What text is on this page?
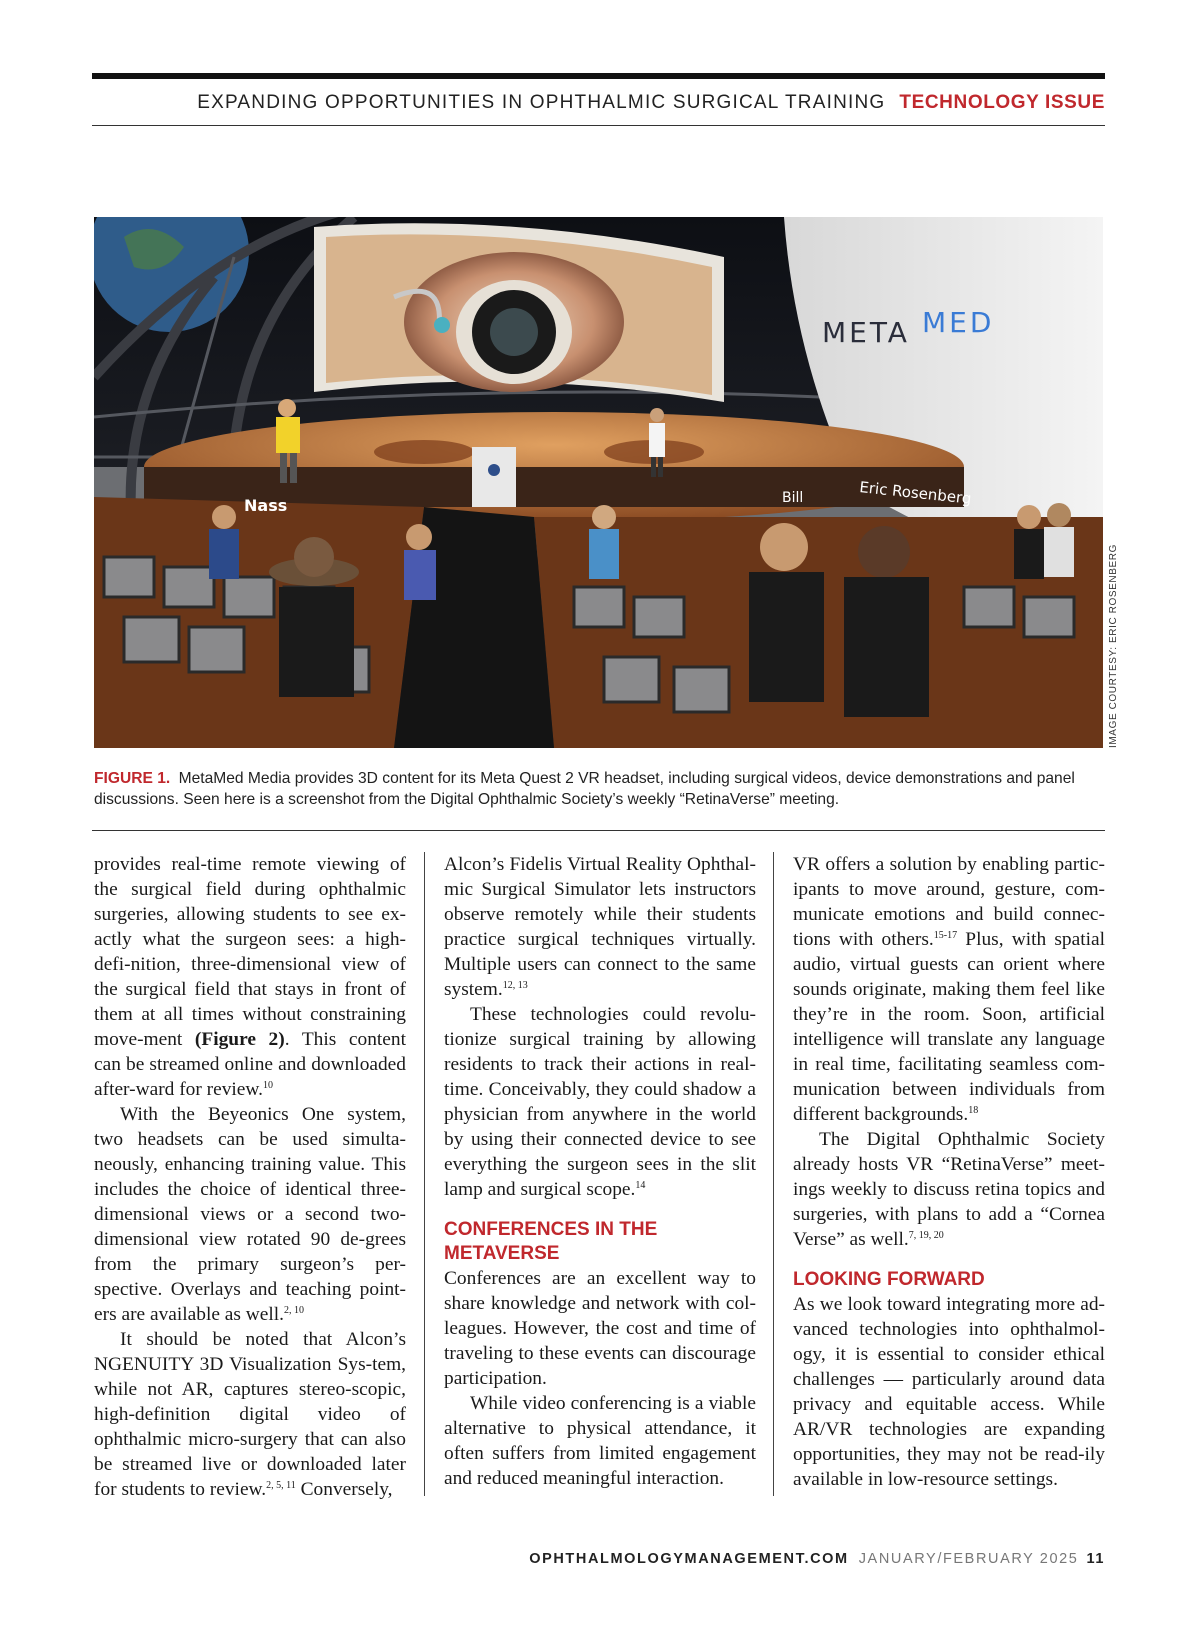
EXPANDING OPPORTUNITIES IN OPHTHALMIC SURGICAL TRAINING TECHNOLOGY ISSUE
META MED
Nass	Eric Rosenberg
Bill
IMAGE COURTESY: ERIC ROSENBERG
FIGURE 1. MetaMed Media provides 3D content for its Meta Quest 2 VR headset, including surgical videos, device demonstrations and panel discussions. Seen here is a screenshot from the Digital Ophthalmic Society’s weekly “RetinaVerse” meeting.

provides real-time remote viewing of the surgical field during ophthalmic surgeries, allowing students to see ex-actly what the surgeon sees: a high-defi-nition, three-dimensional view of the surgical field that stays in front of them at all times without constraining move-ment (Figure 2). This content can be streamed online and downloaded after-ward for review.$^{10}$

With the Beyeonics One system, two headsets can be used simulta-neously, enhancing training value. This includes the choice of identical three-dimensional views or a second two-dimensional view rotated 90 de-grees from the primary surgeon’s per-spective. Overlays and teaching point-ers are available as well.$^{2, 10}$

It should be noted that Alcon’s NGENUITY 3D Visualization Sys-tem, while not AR, captures stereo-scopic, high-definition digital video of ophthalmic micro-surgery that can also be streamed live or downloaded later for students to review.$^{2, 5, 11}$ Conversely,

Alcon’s Fidelis Virtual Reality Ophthal-mic Surgical Simulator lets instructors observe remotely while their students practice surgical techniques virtually. Multiple users can connect to the same system.$^{12, 13}$

These technologies could revolu-tionize surgical training by allowing residents to track their actions in real-time. Conceivably, they could shadow a physician from anywhere in the world by using their connected device to see everything the surgeon sees in the slit lamp and surgical scope.$^{14}$

CONFERENCES IN THE METAVERSE

Conferences are an excellent way to share knowledge and network with col-leagues. However, the cost and time of traveling to these events can discourage participation.

While video conferencing is a viable alternative to physical attendance, it often suffers from limited engagement and reduced meaningful interaction.

VR offers a solution by enabling partic-ipants to move around, gesture, com-municate emotions and build connec-tions with others.$^{15-17}$ Plus, with spatial audio, virtual guests can orient where sounds originate, making them feel like they’re in the room. Soon, artificial intelligence will translate any language in real time, facilitating seamless com-munication between individuals from different backgrounds.$^{18}$

The Digital Ophthalmic Society already hosts VR “RetinaVerse” meet-ings weekly to discuss retina topics and surgeries, with plans to add a “Cornea Verse” as well.$^{7, 19, 20}$

LOOKING FORWARD

As we look toward integrating more ad-vanced technologies into ophthalmol-ogy, it is essential to consider ethical challenges — particularly around data privacy and equitable access. While AR/VR technologies are expanding opportunities, they may not be read-ily available in low-resource settings.

OPHTHALMOLOGYMANAGEMENT.COM JANUARY/FEBRUARY 2025 11
